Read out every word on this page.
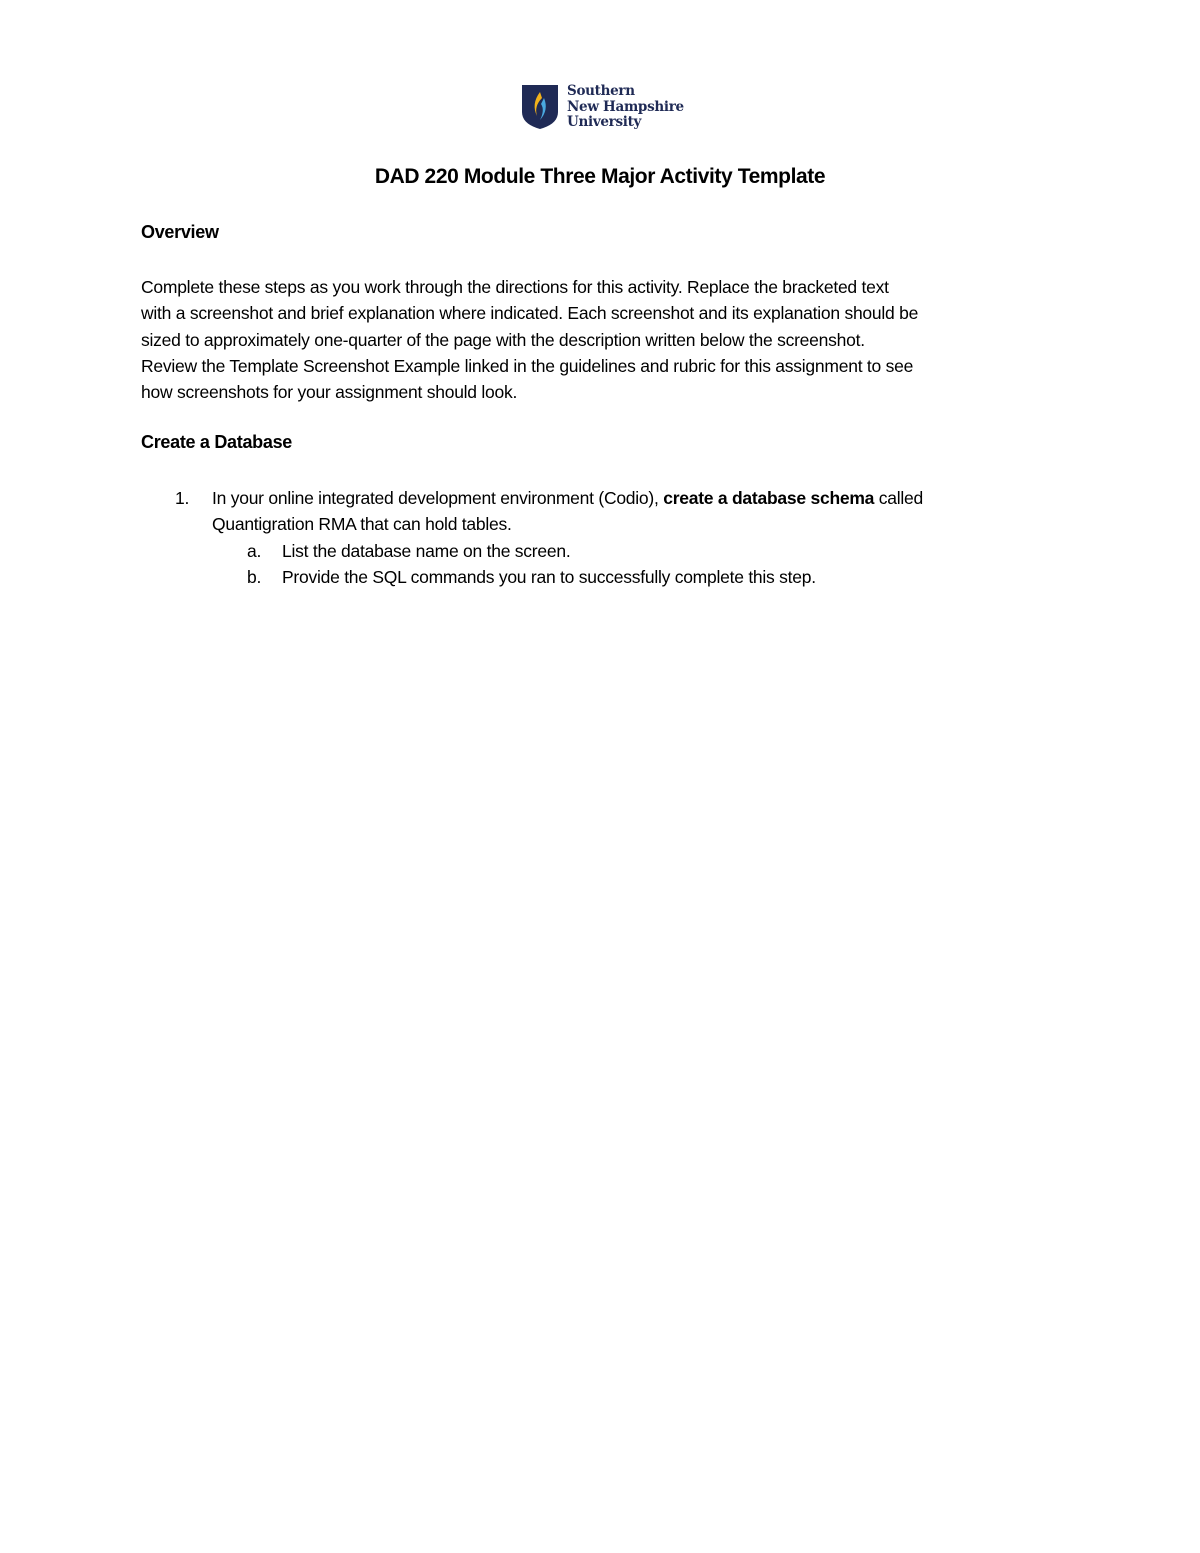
Southern
New Hampshire
University
DAD 220 Module Three Major Activity Template
Overview
Complete these steps as you work through the directions for this activity. Replace the bracketed text
with a screenshot and brief explanation where indicated. Each screenshot and its explanation should be
sized to approximately one-quarter of the page with the description written below the screenshot.
Review the Template Screenshot Example linked in the guidelines and rubric for this assignment to see
how screenshots for your assignment should look.
Create a Database
1. In your online integrated development environment (Codio), create a database schema called
Quantigration RMA that can hold tables.
a. List the database name on the screen.
b. Provide the SQL commands you ran to successfully complete this step.
